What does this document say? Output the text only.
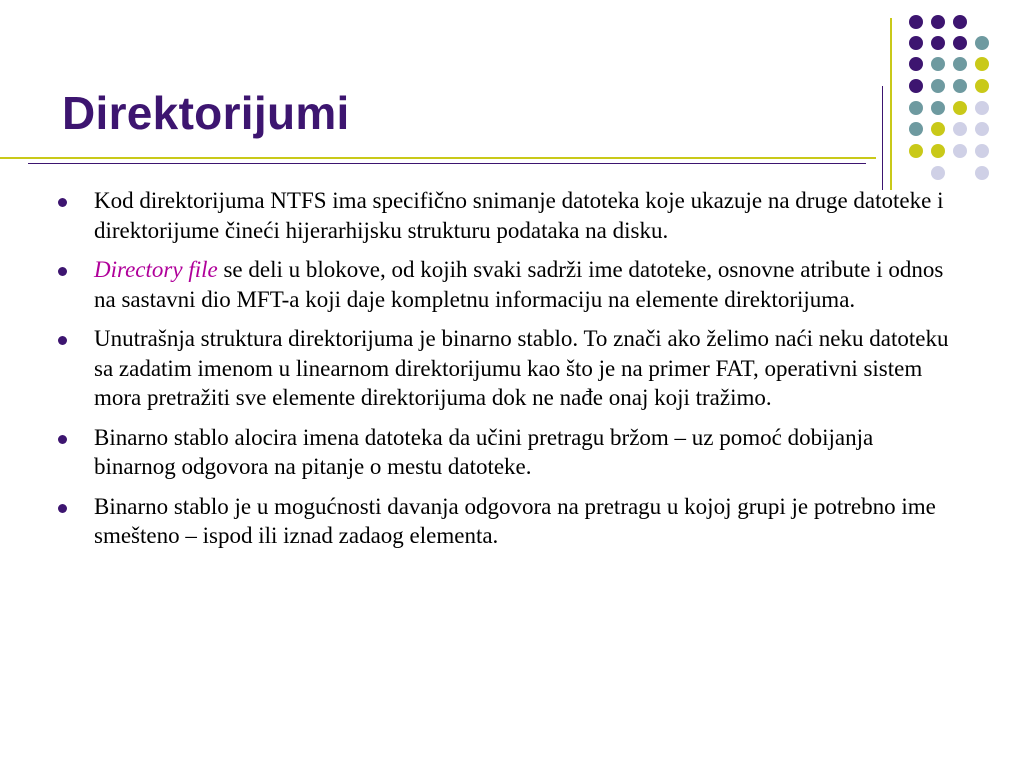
Direktorijumi
Kod direktorijuma NTFS ima specifično snimanje datoteka koje ukazuje na druge datoteke i direktorijume čineći hijerarhijsku strukturu podataka na disku.
Directory file se deli u blokove, od kojih svaki sadrži ime datoteke, osnovne atribute i odnos na sastavni dio MFT-a koji daje kompletnu informaciju na elemente direktorijuma.
Unutrašnja struktura direktorijuma je binarno stablo. To znači ako želimo naći neku datoteku sa zadatim imenom u linearnom direktorijumu kao što je na primer FAT, operativni sistem mora pretražiti sve elemente direktorijuma dok ne nađe onaj koji tražimo.
Binarno stablo alocira imena datoteka da učini pretragu bržom – uz pomoć dobijanja binarnog odgovora na pitanje o mestu datoteke.
Binarno stablo je u mogućnosti davanja odgovora na pretragu u kojoj grupi je potrebno ime smešteno – ispod ili iznad zadaog elementa.
